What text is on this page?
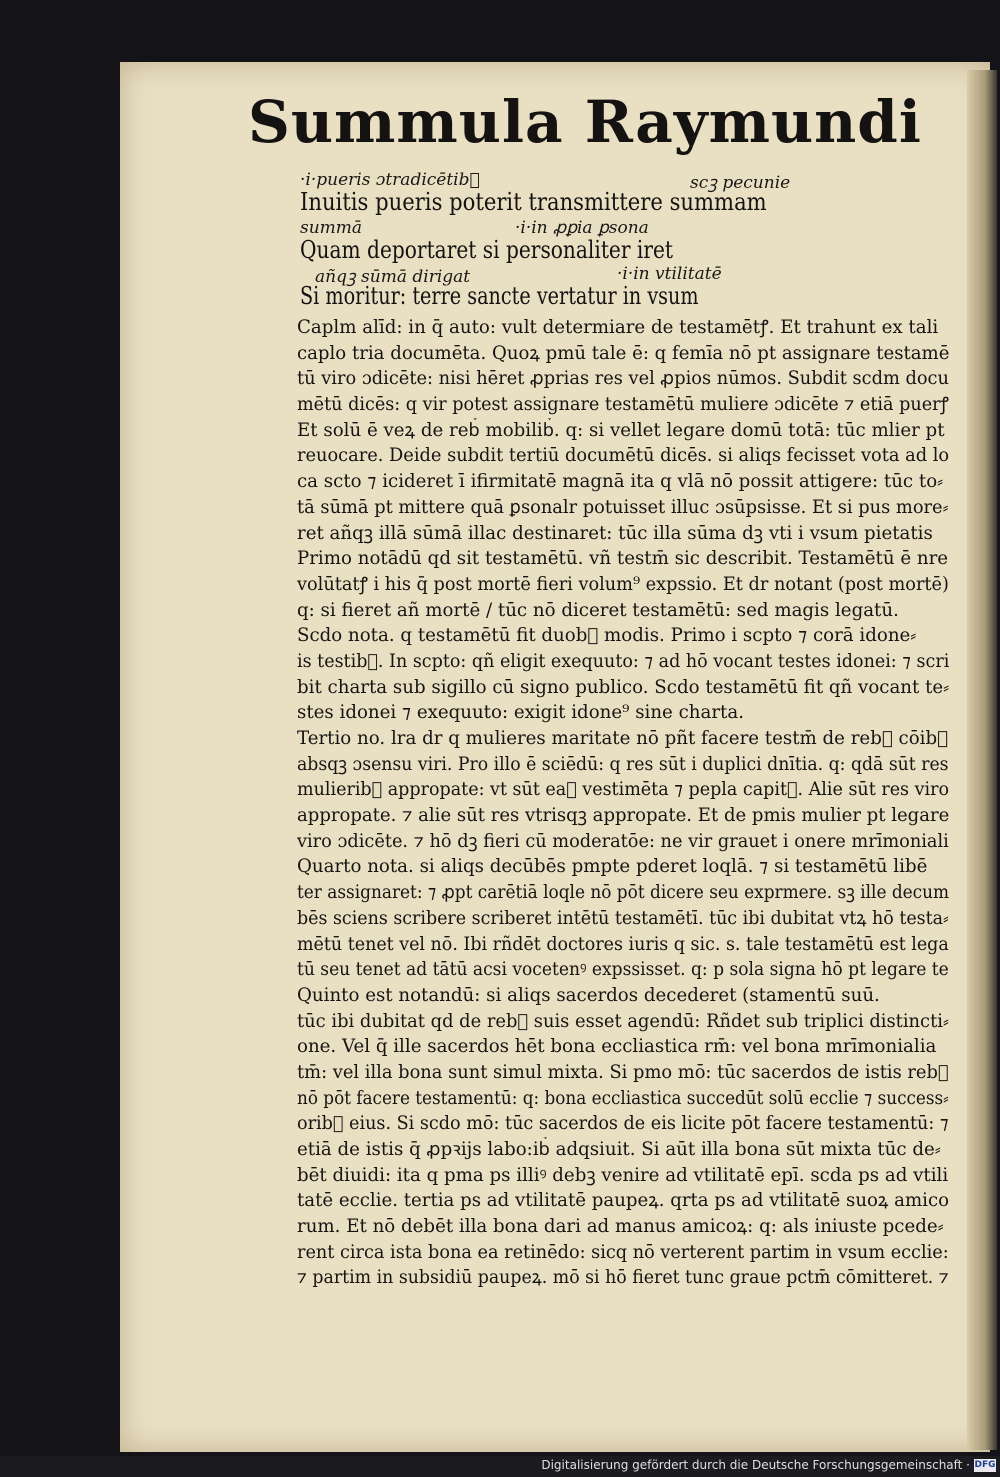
Summula Raymundi
·i·pueris ɔtradicētib᷒	scꝫ pecunie
Inuitis pueris poterit transmittere summam
summā	·i·in ꝓꝑia ꝑsona
Quam deportaret si personaliter iret
añqꝫ sūmā dirigat	·i·in vtilitatē
Si moritur: terre sancte vertatur in vsum
Caplm alīd: in q̄ auto: vult determiare de testamētꝭ. Et trahunt ex tali
caplo tria documēta. Quoꝝ pmū tale ē: q femīa nō pt assignare testamē
tū viro ɔdicēte: nisi hēret ꝓprias res vel ꝓpios nūmos. Subdit scdm docu
mētū dicēs: q vir potest assignare testamētū muliere ɔdicēte ⁊ etiā puerꝭ
Et solū ē veꝝ de reb᷒ mobilib᷒. q: si vellet legare domū totā: tūc mlier pt
reuocare. Deide subdit tertiū documētū dicēs. si aliqs fecisset vota ad lo
ca scto ⁊ icideret ī ifirmitatē magnā ita q vlā nō possit attigere: tūc to⸗
tā sūmā pt mittere quā ꝑsonalr potuisset illuc ɔsūpsisse. Et si pus more⸗
ret añqꝫ illā sūmā illac destinaret: tūc illa sūma dꝫ vti i vsum pietatis
Primo notādū qd sit testamētū. vñ testm̄ sic describit. Testamētū ē nre
volūtatꝭ i his q̄ post mortē fieri volum⁹ expssio. Et dr notant (post mortē)
q: si fieret añ mortē / tūc nō diceret testamētū: sed magis legatū.
Scdo nota. q testamētū fit duob᷒ modis. Primo i scpto ⁊ corā idone⸗
is testib᷒. In scpto: qñ eligit exequuto: ⁊ ad hō vocant testes idonei: ⁊ scri
bit charta sub sigillo cū signo publico. Scdo testamētū fit qñ vocant te⸗
stes idonei ⁊ exequuto: exigit idone⁹ sine charta.
Tertio no. lra dr q mulieres maritate nō pñt facere testm̄ de reb᷒ cōib᷒
absqꝫ ɔsensu viri. Pro illo ē sciēdū: q res sūt i duplici dnītia. q: qdā sūt res
mulierib᷒ appropate: vt sūt eaꝝ vestimēta ⁊ pepla capitꝭ. Alie sūt res viro
appropate. ⁊ alie sūt res vtrisqꝫ appropate. Et de pmis mulier pt legare
viro ɔdicēte. ⁊ hō dꝫ fieri cū moderatōe: ne vir grauet i onere mrīmoniali
Quarto nota. si aliqs decūbēs pmpte pderet loqlā. ⁊ si testamētū libē
ter assignaret: ⁊ ꝓpt carētiā loqle nō pōt dicere seu exprmere. sꝫ ille decum
bēs sciens scribere scriberet intētū testamētī. tūc ibi dubitat vtꝝ hō testa⸗
mētū tenet vel nō. Ibi rñdēt doctores iuris q sic. s. tale testamētū est lega
tū seu tenet ad tātū acsi vocetenꝰ expssisset. q: p sola signa hō pt legare te
Quinto est notandū: si aliqs sacerdos decederet (stamentū suū.
tūc ibi dubitat qd de reb᷒ suis esset agendū: Rñdet sub triplici distincti⸗
one. Vel q̄ ille sacerdos hēt bona eccliastica rm̄: vel bona mrīmonialia
tm̄: vel illa bona sunt simul mixta. Si pmo mō: tūc sacerdos de istis reb᷒
nō pōt facere testamentū: q: bona eccliastica succedūt solū ecclie ⁊ success⸗
orib᷒ eius. Si scdo mō: tūc sacerdos de eis licite pōt facere testamentū: ⁊
etiā de istis q̄ ꝓpꝛijs labo:ib᷒ adqsiuit. Si aūt illa bona sūt mixta tūc de⸗
bēt diuidi: ita q pma ps illiꝰ debꝫ venire ad vtilitatē epī. scda ps ad vtili
tatē ecclie. tertia ps ad vtilitatē paupeꝝ. qrta ps ad vtilitatē suoꝝ amico
rum. Et nō debēt illa bona dari ad manus amicoꝝ: q: als iniuste pcede⸗
rent circa ista bona ea retinēdo: sicq nō verterent partim in vsum ecclie:
⁊ partim in subsidiū paupeꝝ. mō si hō fieret tunc graue pctm̄ cōmitteret. ⁊
Digitalisierung gefördert durch die Deutsche Forschungsgemeinschaft · DFG
